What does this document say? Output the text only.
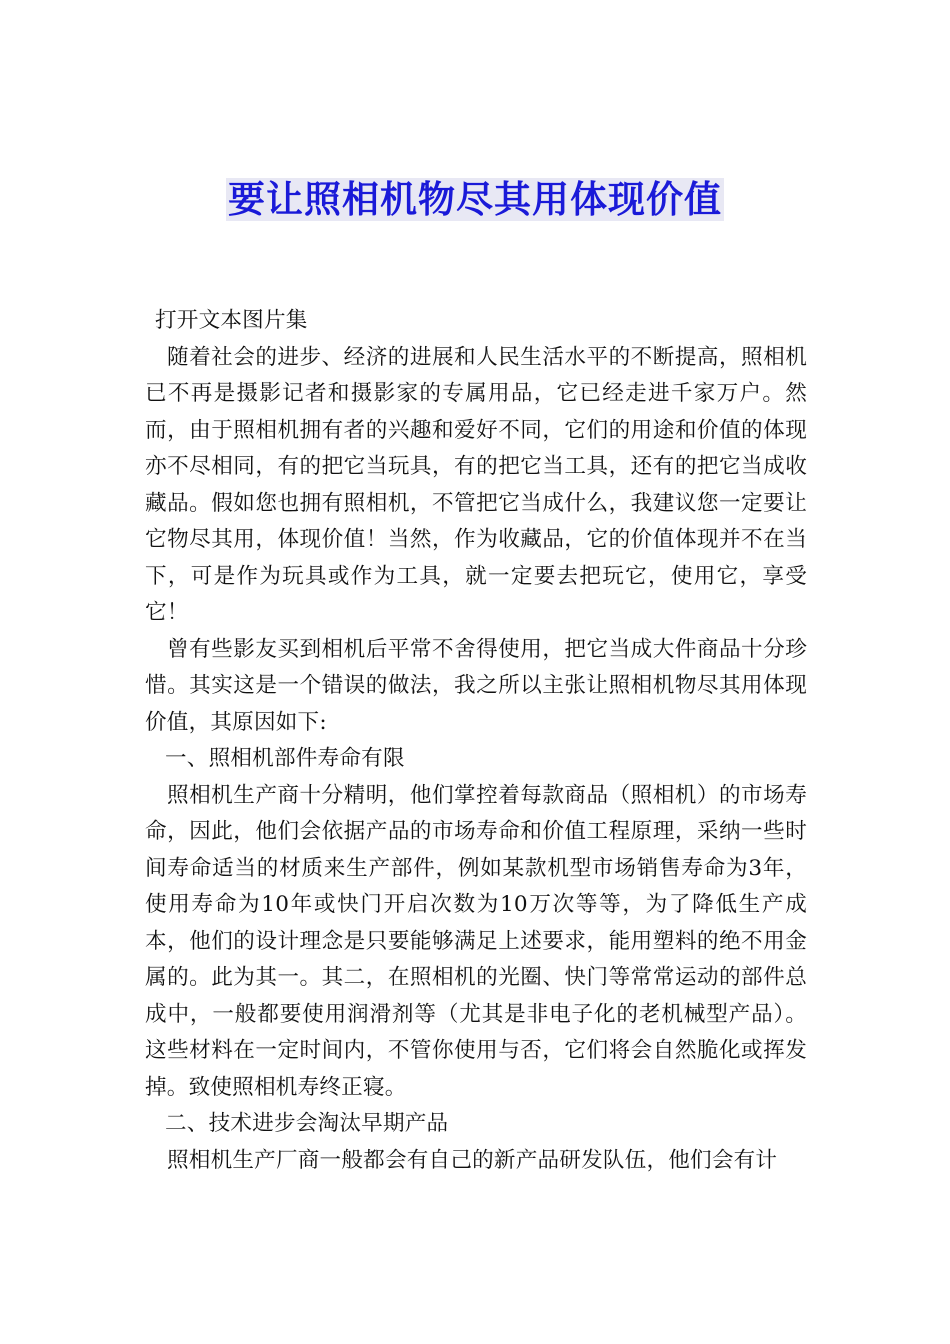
要让照相机物尽其用体现价值

打开文本图片集

随着社会的进步、经济的进展和人民生活水平的不断提高，照相机已不再是摄影记者和摄影家的专属用品，它已经走进千家万户。然而，由于照相机拥有者的兴趣和爱好不同，它们的用途和价值的体现亦不尽相同，有的把它当玩具，有的把它当工具，还有的把它当成收藏品。假如您也拥有照相机，不管把它当成什么，我建议您一定要让它物尽其用，体现价值！当然，作为收藏品，它的价值体现并不在当下，可是作为玩具或作为工具，就一定要去把玩它，使用它，享受它！

曾有些影友买到相机后平常不舍得使用，把它当成大件商品十分珍惜。其实这是一个错误的做法，我之所以主张让照相机物尽其用体现价值，其原因如下:

一、照相机部件寿命有限

照相机生产商十分精明，他们掌控着每款商品（照相机）的市场寿命，因此，他们会依据产品的市场寿命和价值工程原理，采纳一些时间寿命适当的材质来生产部件，例如某款机型市场销售寿命为3年，使用寿命为10年或快门开启次数为10万次等等，为了降低生产成本，他们的设计理念是只要能够满足上述要求，能用塑料的绝不用金属的。此为其一。其二，在照相机的光圈、快门等常常运动的部件总成中，一般都要使用润滑剂等（尤其是非电子化的老机械型产品）。这些材料在一定时间内，不管你使用与否，它们将会自然脆化或挥发掉。致使照相机寿终正寝。

二、技术进步会淘汰早期产品

照相机生产厂商一般都会有自己的新产品研发队伍，他们会有计
